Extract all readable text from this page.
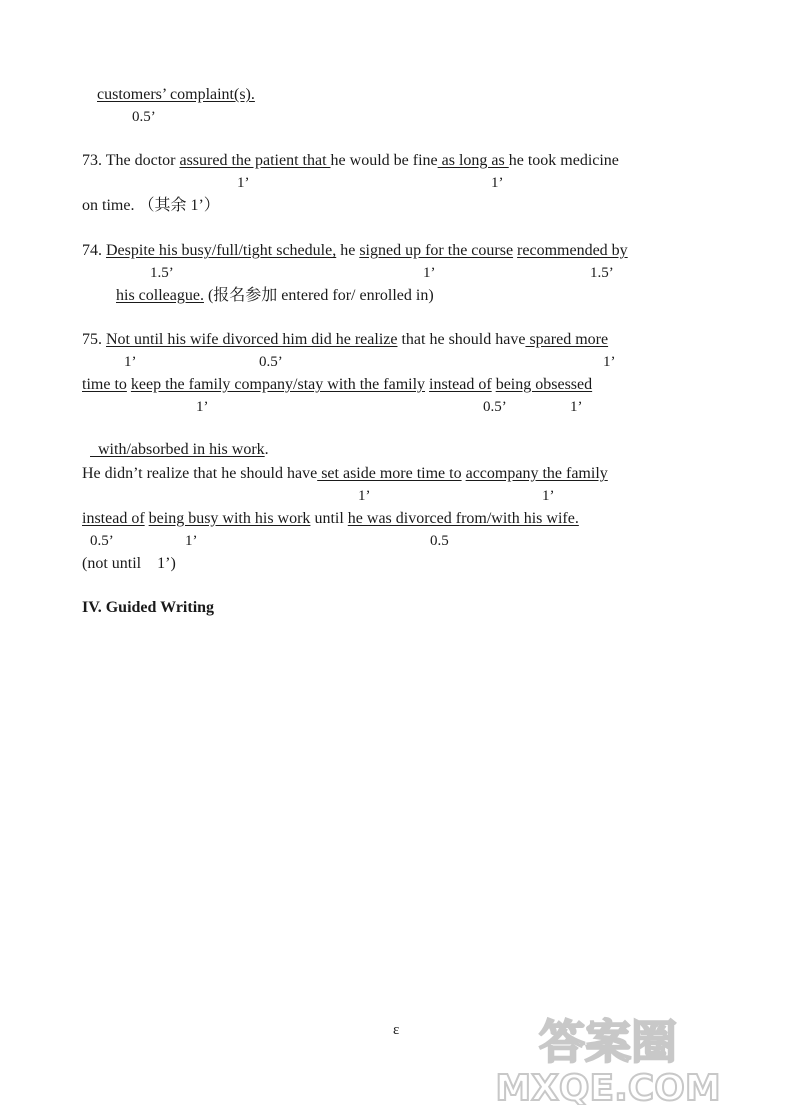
customers’ complaint(s).
0.5’
73. The doctor assured the patient that he would be fine as long as he took medicine
1’	1’
on time. （其余 1’）
74. Despite his busy/full/tight schedule, he signed up for the course recommended by
1.5’	1’	1.5’
his colleague. (报名参加 entered for/ enrolled in)
75. Not until his wife divorced him did he realize that he should have spared more
1’	0.5’	1’
time to keep the family company/stay with the family instead of being obsessed
1’	0.5’	1’

with/absorbed in his work.

He didn’t realize that he should have set aside more time to accompany the family
1’	1’
instead of being busy with his work until he was divorced from/with his wife.
0.5’	1’	0.5
(not until    1’)
IV. Guided Writing
ε	答案圈
MXQE.COM
